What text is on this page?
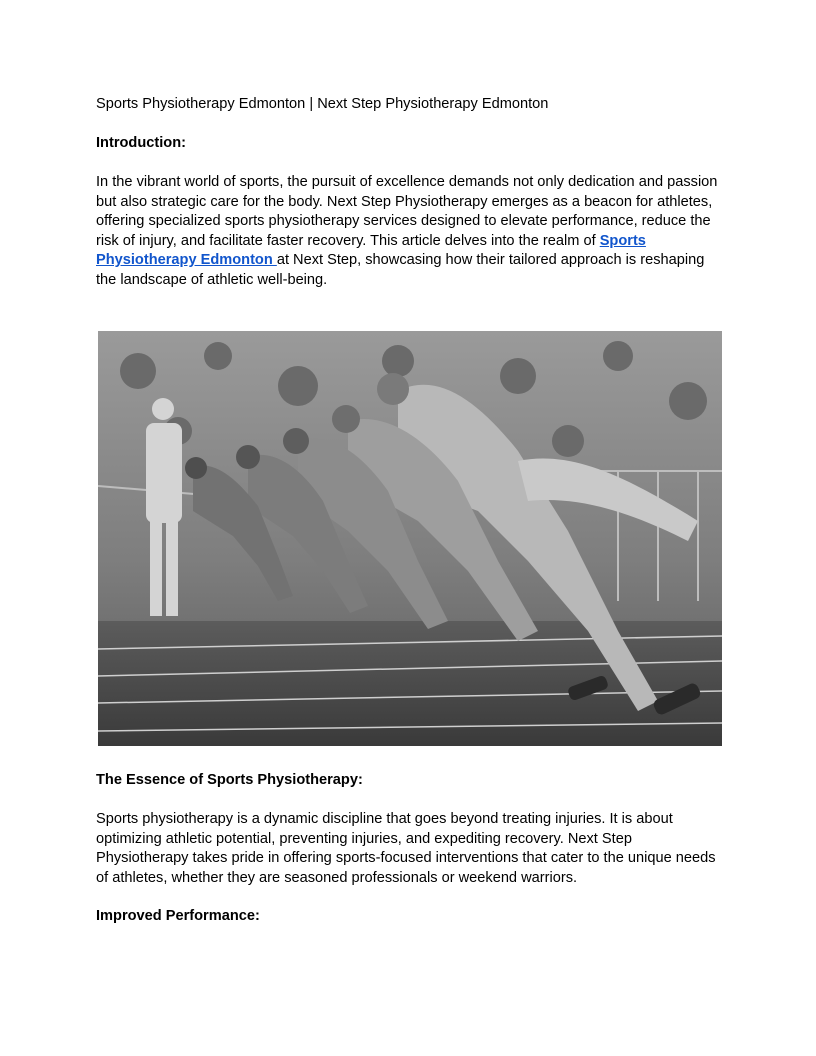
Sports Physiotherapy Edmonton | Next Step Physiotherapy Edmonton

Introduction:

In the vibrant world of sports, the pursuit of excellence demands not only dedication and passion but also strategic care for the body. Next Step Physiotherapy emerges as a beacon for athletes, offering specialized sports physiotherapy services designed to elevate performance, reduce the risk of injury, and facilitate faster recovery. This article delves into the realm of Sports Physiotherapy Edmonton at Next Step, showcasing how their tailored approach is reshaping the landscape of athletic well-being.

The Essence of Sports Physiotherapy:

Sports physiotherapy is a dynamic discipline that goes beyond treating injuries. It is about optimizing athletic potential, preventing injuries, and expediting recovery. Next Step Physiotherapy takes pride in offering sports-focused interventions that cater to the unique needs of athletes, whether they are seasoned professionals or weekend warriors.

Improved Performance:
